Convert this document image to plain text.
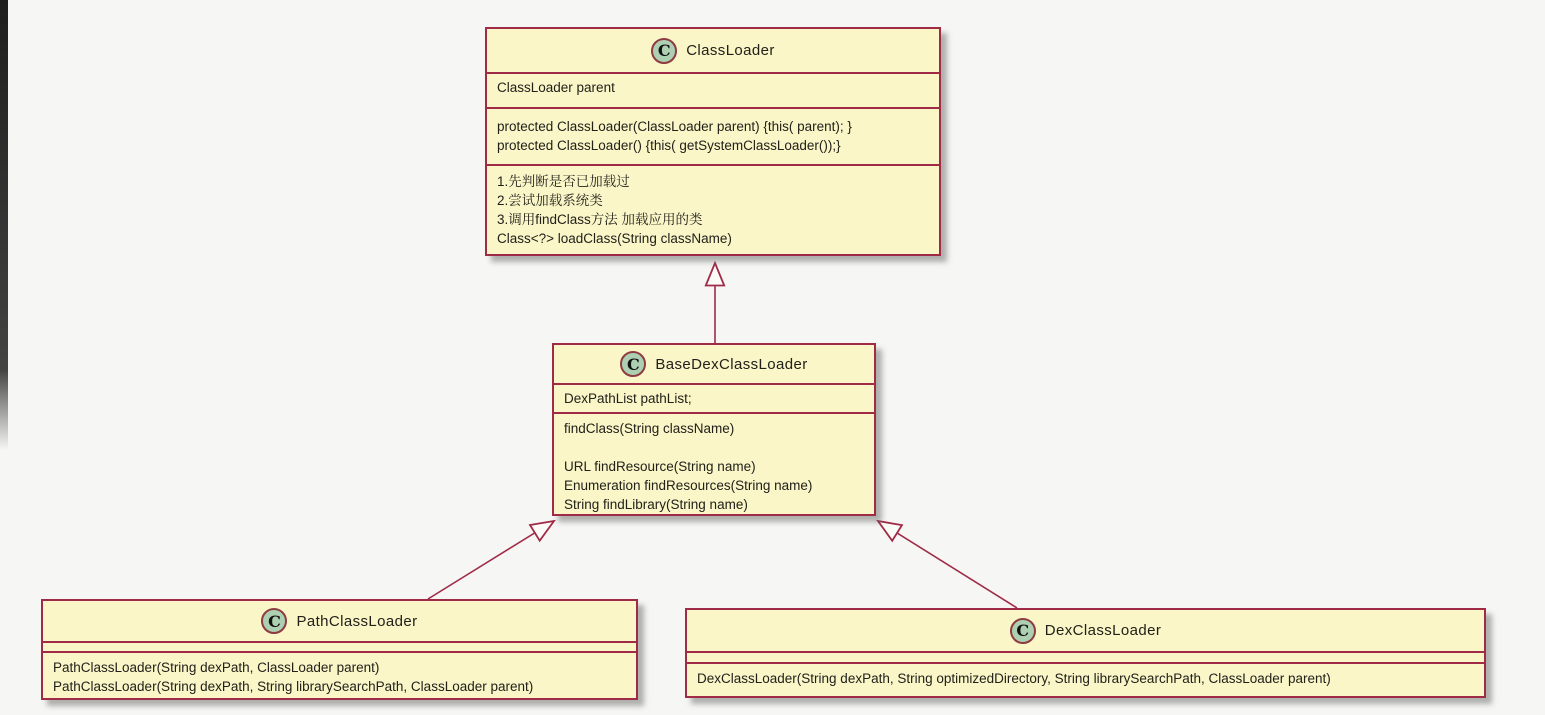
C	ClassLoader
ClassLoader parent
protected ClassLoader(ClassLoader parent) {this( parent); }
protected ClassLoader() {this( getSystemClassLoader());}
1.先判断是否已加载过
2.尝试加载系统类
3.调用findClass方法 加载应用的类
Class<?> loadClass(String className)
C	BaseDexClassLoader
DexPathList pathList;
findClass(String className)
URL findResource(String name)
Enumeration findResources(String name)
String findLibrary(String name)
C	PathClassLoader
PathClassLoader(String dexPath, ClassLoader parent)
PathClassLoader(String dexPath, String librarySearchPath, ClassLoader parent)
C	DexClassLoader
DexClassLoader(String dexPath, String optimizedDirectory, String librarySearchPath, ClassLoader parent)
